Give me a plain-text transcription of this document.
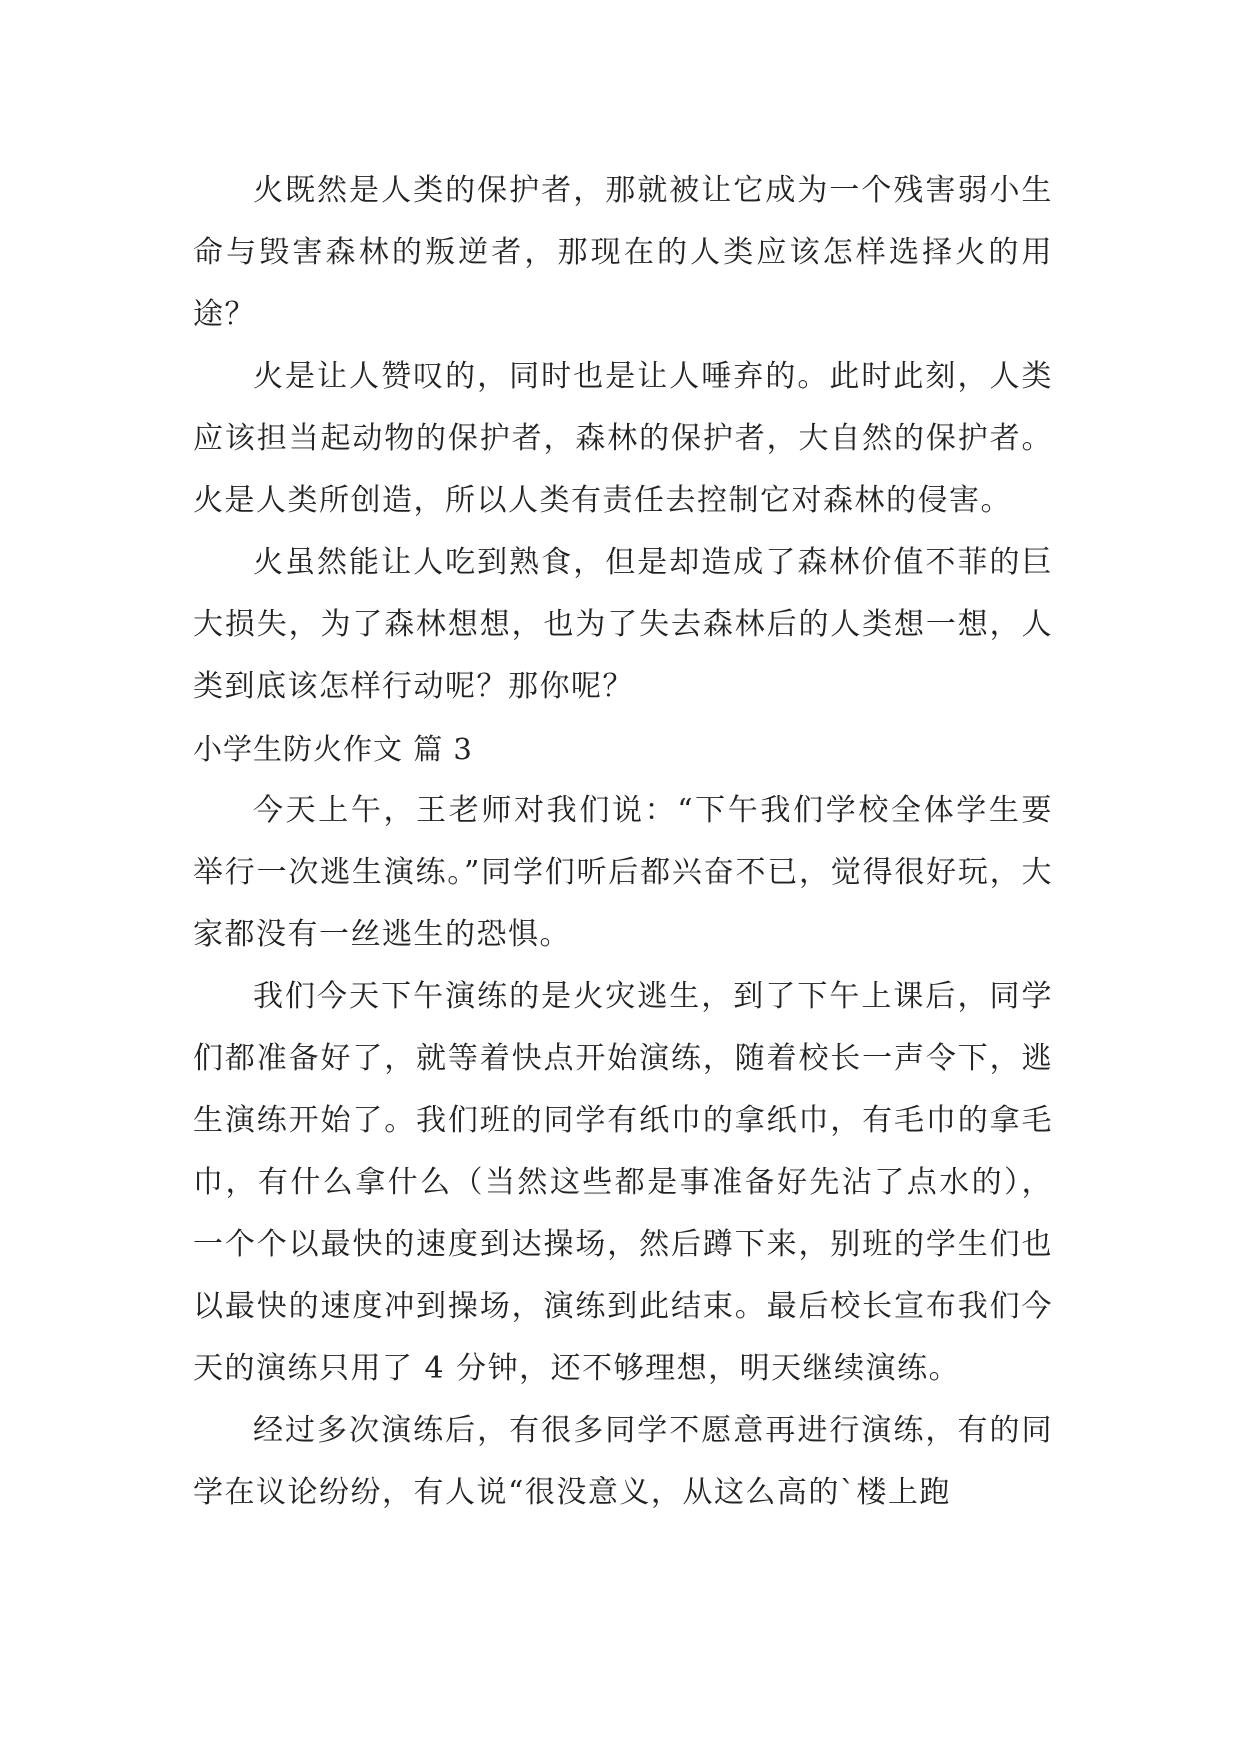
火既然是人类的保护者，那就被让它成为一个残害弱小生命与毁害森林的叛逆者，那现在的人类应该怎样选择火的用途？

火是让人赞叹的，同时也是让人唾弃的。此时此刻，人类应该担当起动物的保护者，森林的保护者，大自然的保护者。火是人类所创造，所以人类有责任去控制它对森林的侵害。

火虽然能让人吃到熟食，但是却造成了森林价值不菲的巨大损失，为了森林想想，也为了失去森林后的人类想一想，人类到底该怎样行动呢？那你呢？

小学生防火作文 篇 3

今天上午，王老师对我们说：“下午我们学校全体学生要举行一次逃生演练。”同学们听后都兴奋不已，觉得很好玩，大家都没有一丝逃生的恐惧。

我们今天下午演练的是火灾逃生，到了下午上课后，同学们都准备好了，就等着快点开始演练，随着校长一声令下，逃生演练开始了。我们班的同学有纸巾的拿纸巾，有毛巾的拿毛巾，有什么拿什么（当然这些都是事准备好先沾了点水的），一个个以最快的速度到达操场，然后蹲下来，别班的学生们也以最快的速度冲到操场，演练到此结束。最后校长宣布我们今天的演练只用了 4 分钟，还不够理想，明天继续演练。

经过多次演练后，有很多同学不愿意再进行演练，有的同学在议论纷纷，有人说“很没意义，从这么高的`楼上跑
